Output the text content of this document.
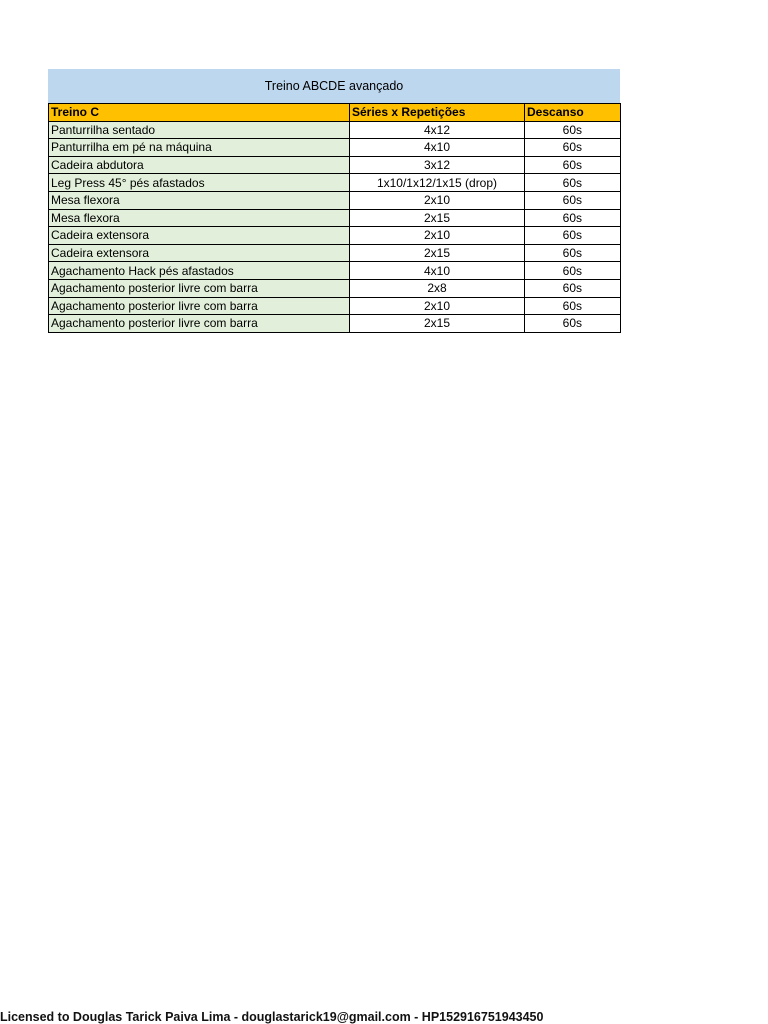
Treino ABCDE avançado
Treino C	Séries x Repetições	Descanso
Panturrilha sentado	4x12	60s
Panturrilha em pé na máquina	4x10	60s
Cadeira abdutora	3x12	60s
Leg Press 45° pés afastados	1x10/1x12/1x15 (drop)	60s
Mesa flexora	2x10	60s
Mesa flexora	2x15	60s
Cadeira extensora	2x10	60s
Cadeira extensora	2x15	60s
Agachamento Hack pés afastados	4x10	60s
Agachamento posterior livre com barra	2x8	60s
Agachamento posterior livre com barra	2x10	60s
Agachamento posterior livre com barra	2x15	60s
Licensed to Douglas Tarick Paiva Lima - douglastarick19@gmail.com - HP152916751943450
